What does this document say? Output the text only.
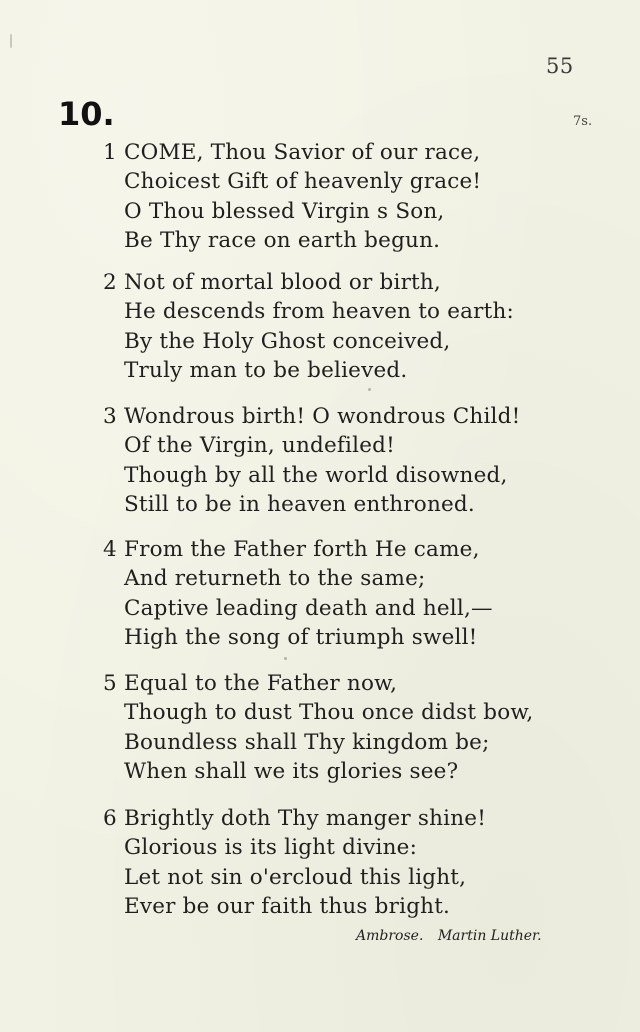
55
10.	7s.
1 COME, Thou Savior of our race,
Choicest Gift of heavenly grace!
O Thou blessed Virgin s Son,
Be Thy race on earth begun.
2 Not of mortal blood or birth,
He descends from heaven to earth:
By the Holy Ghost conceived,
Truly man to be believed.
3 Wondrous birth! O wondrous Child!
Of the Virgin, undefiled!
Though by all the world disowned,
Still to be in heaven enthroned.
4 From the Father forth He came,
And returneth to the same;
Captive leading death and hell,—
High the song of triumph swell!
5 Equal to the Father now,
Though to dust Thou once didst bow,
Boundless shall Thy kingdom be;
When shall we its glories see?
6 Brightly doth Thy manger shine!
Glorious is its light divine:
Let not sin o'ercloud this light,
Ever be our faith thus bright.
Ambrose. Martin Luther.
